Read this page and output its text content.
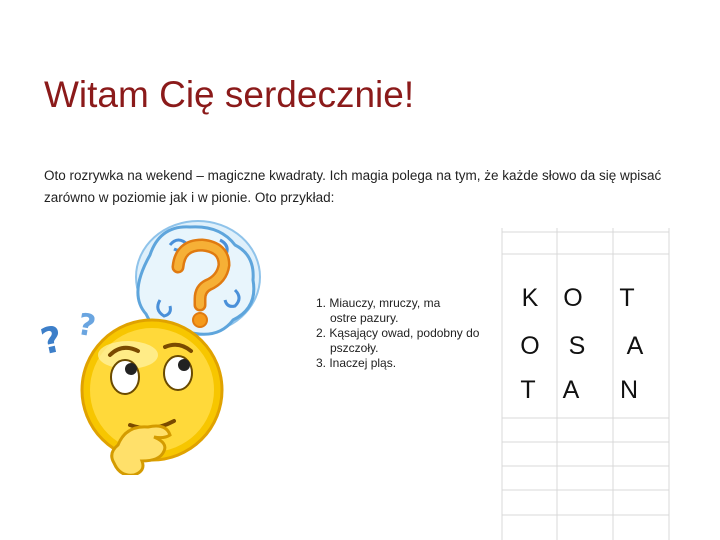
Witam Cię serdecznie!
Oto rozrywka na wekend – magiczne kwadraty. Ich magia polega na tym, że każde słowo da się wpisać zarówno w poziomie jak i w pionie. Oto przykład:
? ?

1. Miauczy, mruczy, ma
ostre pazury.

2. Kąsający owad, podobny do
pszczoły.

3. Inaczej pląs.

K O T
O S A
T A N
